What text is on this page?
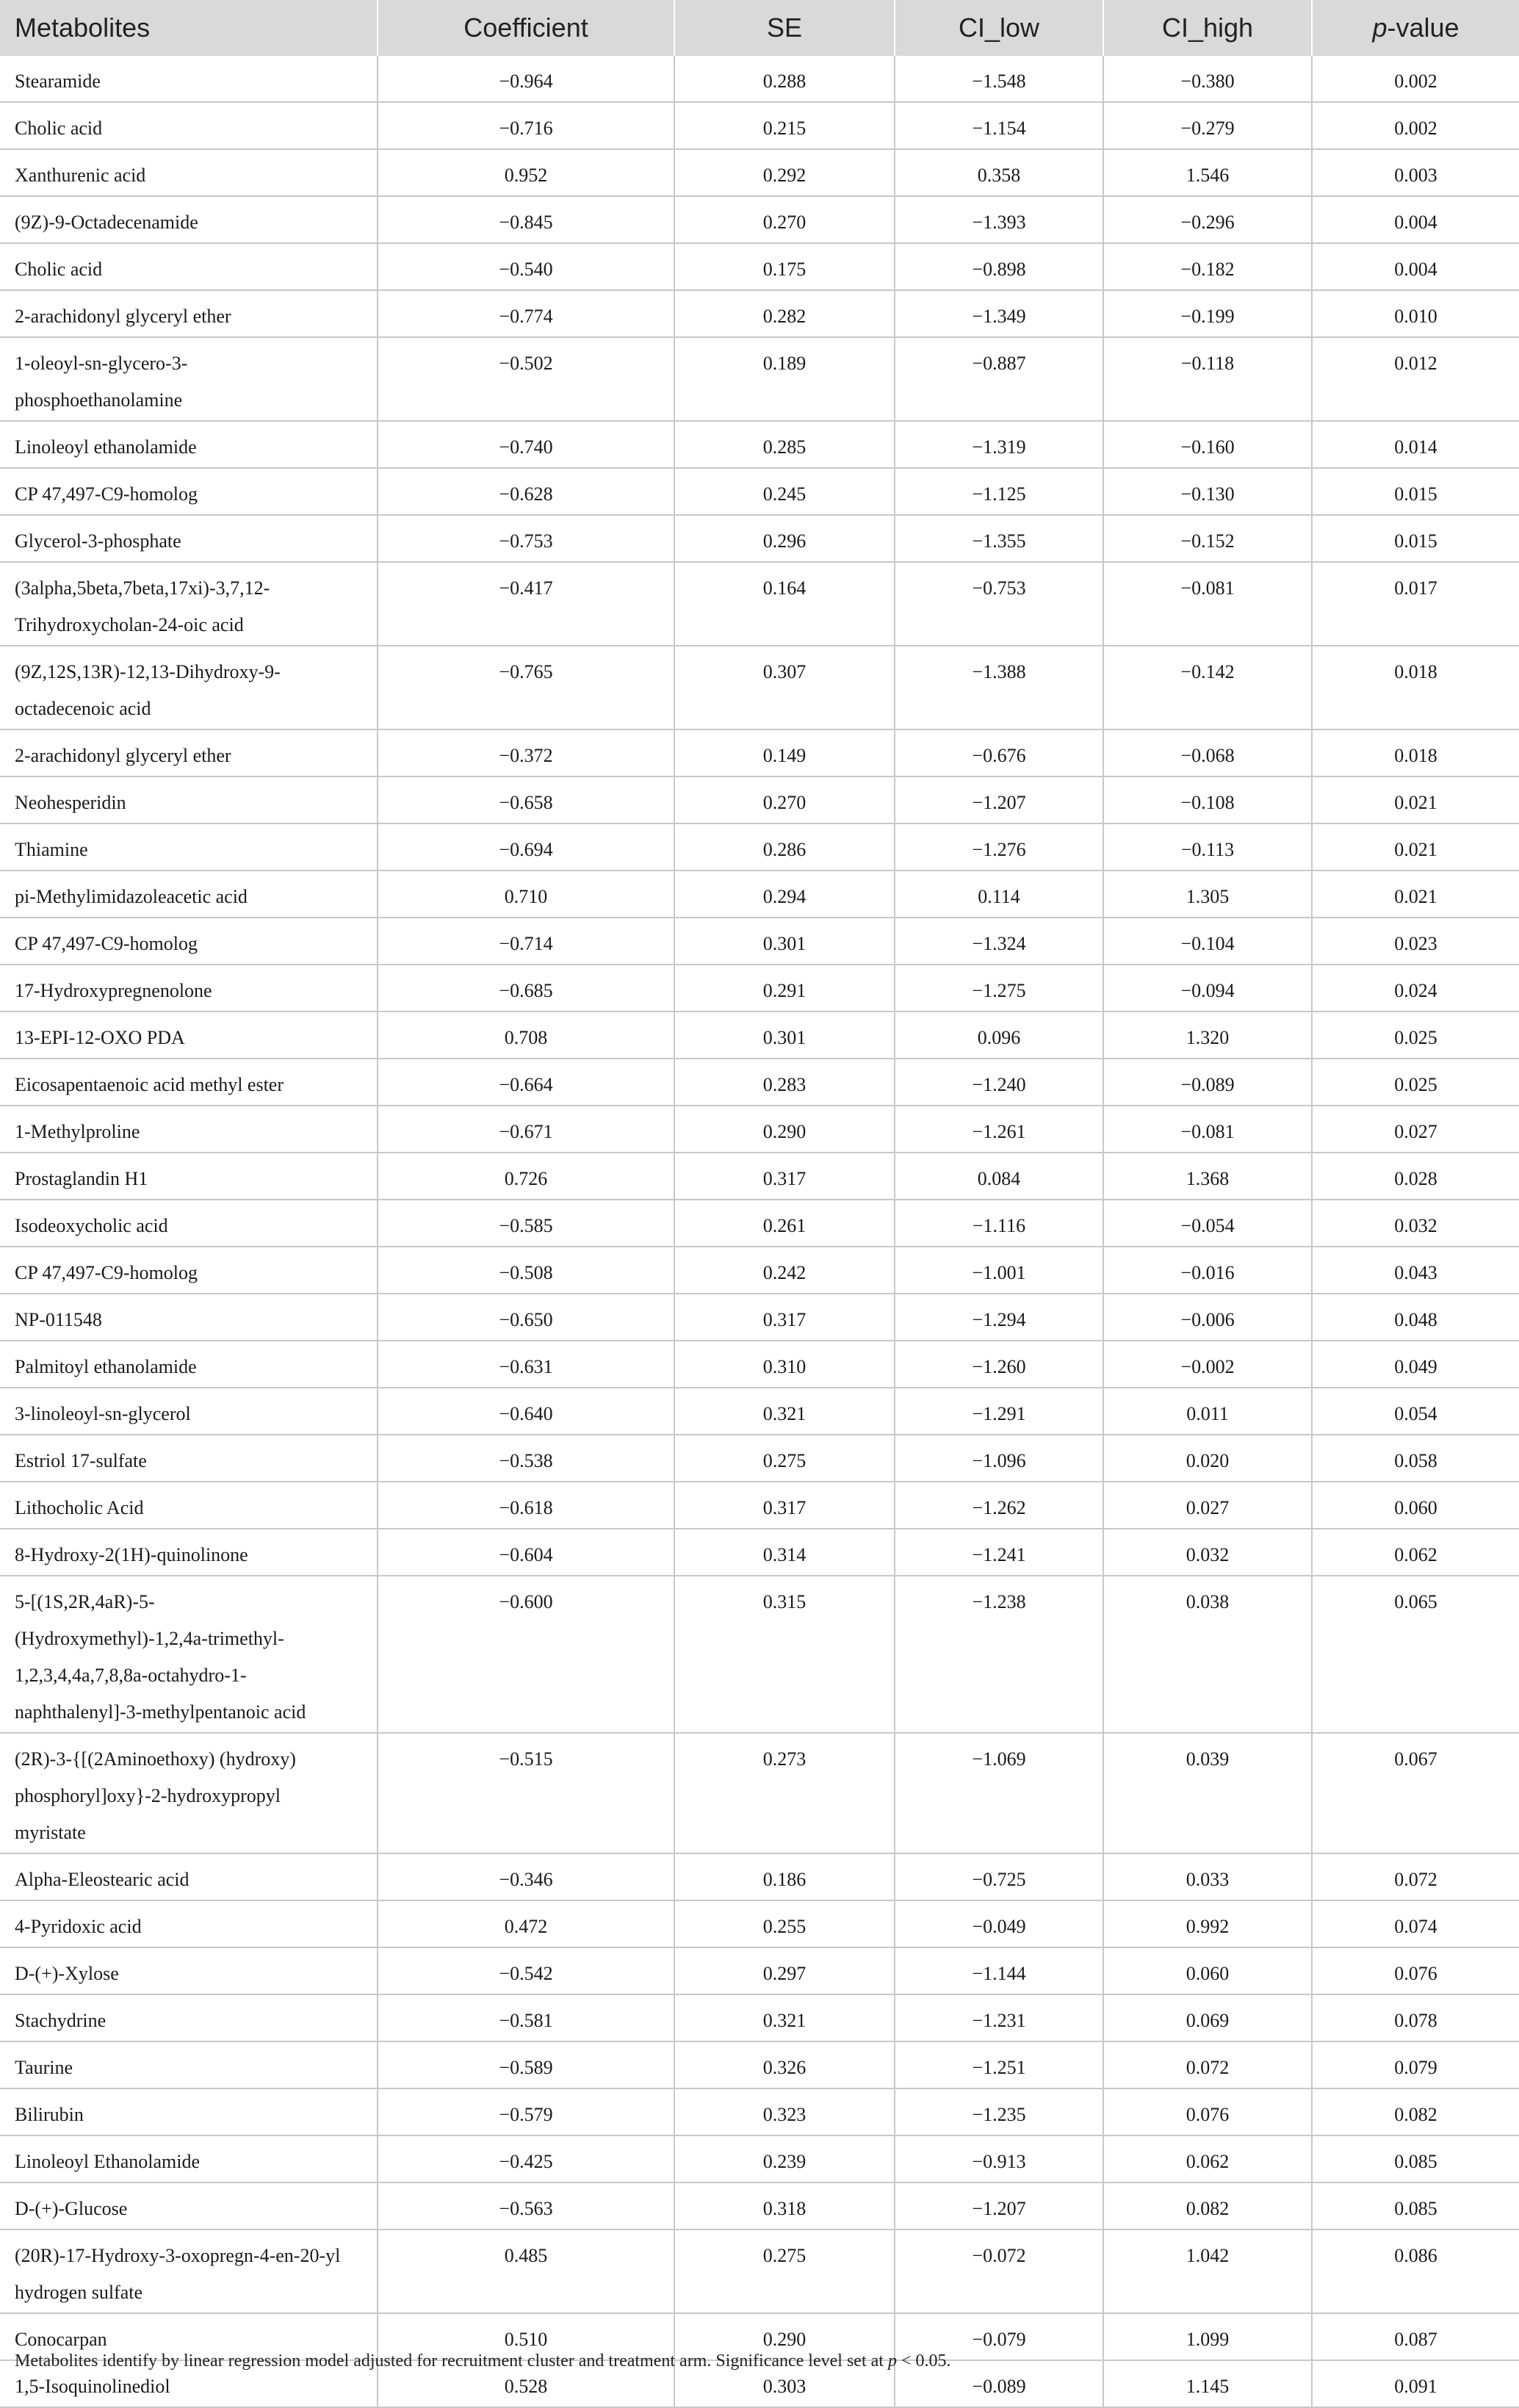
Metabolites	Coefficient	SE	CI_low	CI_high	p-value
Stearamide	−0.964	0.288	−1.548	−0.380	0.002
Cholic acid	−0.716	0.215	−1.154	−0.279	0.002
Xanthurenic acid	0.952	0.292	0.358	1.546	0.003
(9Z)-9-Octadecenamide	−0.845	0.270	−1.393	−0.296	0.004
Cholic acid	−0.540	0.175	−0.898	−0.182	0.004
2-arachidonyl glyceryl ether	−0.774	0.282	−1.349	−0.199	0.010
1-oleoyl-sn-glycero-3-phosphoethanolamine	−0.502	0.189	−0.887	−0.118	0.012
Linoleoyl ethanolamide	−0.740	0.285	−1.319	−0.160	0.014
CP 47,497-C9-homolog	−0.628	0.245	−1.125	−0.130	0.015
Glycerol-3-phosphate	−0.753	0.296	−1.355	−0.152	0.015
(3alpha,5beta,7beta,17xi)-3,7,12-Trihydroxycholan-24-oic acid	−0.417	0.164	−0.753	−0.081	0.017
(9Z,12S,13R)-12,13-Dihydroxy-9-octadecenoic acid	−0.765	0.307	−1.388	−0.142	0.018
2-arachidonyl glyceryl ether	−0.372	0.149	−0.676	−0.068	0.018
Neohesperidin	−0.658	0.270	−1.207	−0.108	0.021
Thiamine	−0.694	0.286	−1.276	−0.113	0.021
pi-Methylimidazoleacetic acid	0.710	0.294	0.114	1.305	0.021
CP 47,497-C9-homolog	−0.714	0.301	−1.324	−0.104	0.023
17-Hydroxypregnenolone	−0.685	0.291	−1.275	−0.094	0.024
13-EPI-12-OXO PDA	0.708	0.301	0.096	1.320	0.025
Eicosapentaenoic acid methyl ester	−0.664	0.283	−1.240	−0.089	0.025
1-Methylproline	−0.671	0.290	−1.261	−0.081	0.027
Prostaglandin H1	0.726	0.317	0.084	1.368	0.028
Isodeoxycholic acid	−0.585	0.261	−1.116	−0.054	0.032
CP 47,497-C9-homolog	−0.508	0.242	−1.001	−0.016	0.043
NP-011548	−0.650	0.317	−1.294	−0.006	0.048
Palmitoyl ethanolamide	−0.631	0.310	−1.260	−0.002	0.049
3-linoleoyl-sn-glycerol	−0.640	0.321	−1.291	0.011	0.054
Estriol 17-sulfate	−0.538	0.275	−1.096	0.020	0.058
Lithocholic Acid	−0.618	0.317	−1.262	0.027	0.060
8-Hydroxy-2(1H)-quinolinone	−0.604	0.314	−1.241	0.032	0.062
5-[(1S,2R,4aR)-5-(Hydroxymethyl)-1,2,4a-trimethyl-1,2,3,4,4a,7,8,8a-octahydro-1-naphthalenyl]-3-methylpentanoic acid	−0.600	0.315	−1.238	0.038	0.065
(2R)-3-{[(2Aminoethoxy) (hydroxy) phosphoryl]oxy}-2-hydroxypropyl myristate	−0.515	0.273	−1.069	0.039	0.067
Alpha-Eleostearic acid	−0.346	0.186	−0.725	0.033	0.072
4-Pyridoxic acid	0.472	0.255	−0.049	0.992	0.074
D-(+)-Xylose	−0.542	0.297	−1.144	0.060	0.076
Stachydrine	−0.581	0.321	−1.231	0.069	0.078
Taurine	−0.589	0.326	−1.251	0.072	0.079
Bilirubin	−0.579	0.323	−1.235	0.076	0.082
Linoleoyl Ethanolamide	−0.425	0.239	−0.913	0.062	0.085
D-(+)-Glucose	−0.563	0.318	−1.207	0.082	0.085
(20R)-17-Hydroxy-3-oxopregn-4-en-20-yl hydrogen sulfate	0.485	0.275	−0.072	1.042	0.086
Conocarpan	0.510	0.290	−0.079	1.099	0.087
1,5-Isoquinolinediol	0.528	0.303	−0.089	1.145	0.091
Metabolites identify by linear regression model adjusted for recruitment cluster and treatment arm. Significance level set at p < 0.05.
